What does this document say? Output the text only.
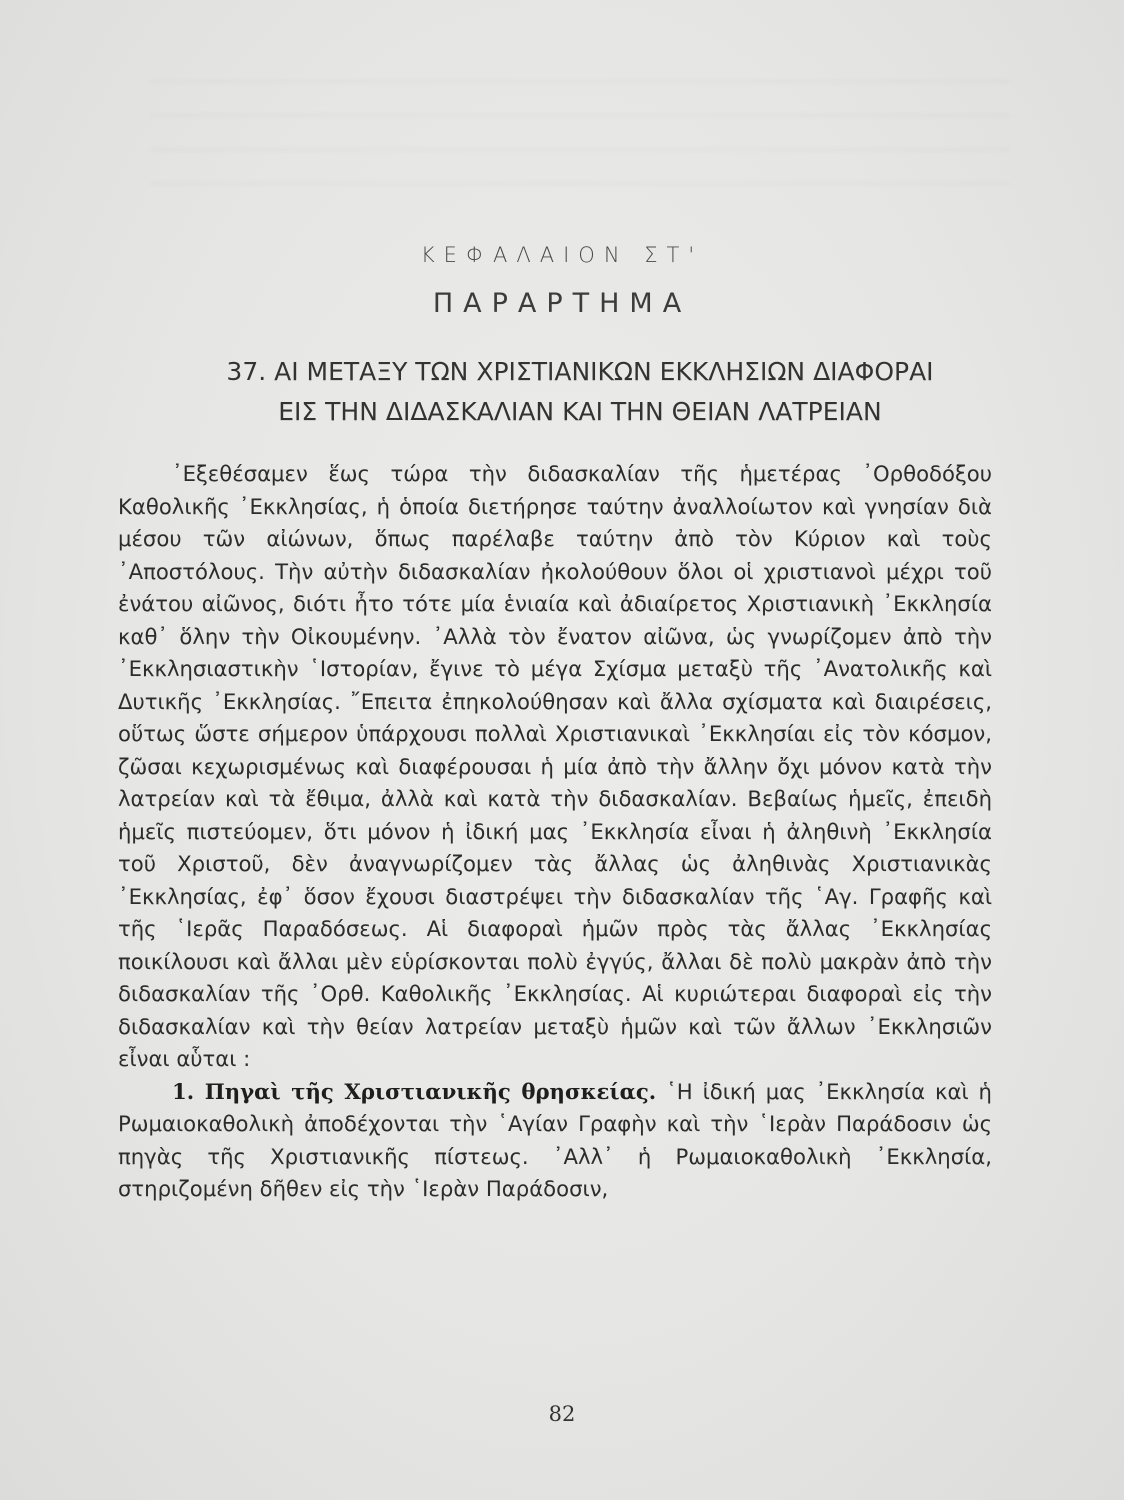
ΚΕΦΑΛΑΙΟΝ ΣΤ'

ΠΑΡΑΡΤΗΜΑ

37. ΑΙ ΜΕΤΑΞΥ ΤΩΝ ΧΡΙΣΤΙΑΝΙΚΩΝ ΕΚΚΛΗΣΙΩΝ ΔΙΑΦΟΡΑΙ
ΕΙΣ ΤΗΝ ΔΙΔΑΣΚΑΛΙΑΝ ΚΑΙ ΤΗΝ ΘΕΙΑΝ ΛΑΤΡΕΙΑΝ

᾿Εξεθέσαμεν ἕως τώρα τὴν διδασκαλίαν τῆς ἡμετέρας ᾿Ορθοδόξου Καθολικῆς ᾿Εκκλησίας, ἡ ὁποία διετήρησε ταύτην ἀναλλοίωτον καὶ γνησίαν διὰ μέσου τῶν αἰώνων, ὅπως παρέλαβε ταύτην ἀπὸ τὸν Κύριον καὶ τοὺς ᾿Αποστόλους. Τὴν αὐτὴν διδασκαλίαν ἠκολούθουν ὅλοι οἱ χριστιανοὶ μέχρι τοῦ ἐνάτου αἰῶνος, διότι ἦτο τότε μία ἑνιαία καὶ ἀδιαίρετος Χριστιανικὴ ᾿Εκκλησία καθ᾿ ὅλην τὴν Οἰκουμένην. ᾿Αλλὰ τὸν ἔνατον αἰῶνα, ὡς γνωρίζομεν ἀπὸ τὴν ᾿Εκκλησιαστικὴν ῾Ιστορίαν, ἔγινε τὸ μέγα Σχίσμα μεταξὺ τῆς ᾿Ανατολικῆς καὶ Δυτικῆς ᾿Εκκλησίας. ῎Επειτα ἐπηκολούθησαν καὶ ἄλλα σχίσματα καὶ διαιρέσεις, οὕτως ὥστε σήμερον ὑπάρχουσι πολλαὶ Χριστιανικαὶ ᾿Εκκλησίαι εἰς τὸν κόσμον, ζῶσαι κεχωρισμένως καὶ διαφέρουσαι ἡ μία ἀπὸ τὴν ἄλλην ὄχι μόνον κατὰ τὴν λατρείαν καὶ τὰ ἔθιμα, ἀλλὰ καὶ κατὰ τὴν διδασκαλίαν. Βεβαίως ἡμεῖς, ἐπειδὴ ἡμεῖς πιστεύομεν, ὅτι μόνον ἡ ἰδική μας ᾿Εκκλησία εἶναι ἡ ἀληθινὴ ᾿Εκκλησία τοῦ Χριστοῦ, δὲν ἀναγνωρίζομεν τὰς ἄλλας ὡς ἀληθινὰς Χριστιανικὰς ᾿Εκκλησίας, ἐφ᾿ ὅσον ἔχουσι διαστρέψει τὴν διδασκαλίαν τῆς ῾Αγ. Γραφῆς καὶ τῆς ῾Ιερᾶς Παραδόσεως. Αἱ διαφοραὶ ἡμῶν πρὸς τὰς ἄλλας ᾿Εκκλησίας ποικίλουσι καὶ ἄλλαι μὲν εὑρίσκονται πολὺ ἐγγύς, ἄλλαι δὲ πολὺ μακρὰν ἀπὸ τὴν διδασκαλίαν τῆς ᾿Ορθ. Καθολικῆς ᾿Εκκλησίας. Αἱ κυριώτεραι διαφοραὶ εἰς τὴν διδασκαλίαν καὶ τὴν θείαν λατρείαν μεταξὺ ἡμῶν καὶ τῶν ἄλλων ᾿Εκκλησιῶν εἶναι αὗται :

1. Πηγαὶ τῆς Χριστιανικῆς θρησκείας. ῾Η ἰδική μας ᾿Εκκλησία καὶ ἡ Ρωμαιοκαθολικὴ ἀποδέχονται τὴν ῾Αγίαν Γραφὴν καὶ τὴν ῾Ιερὰν Παράδοσιν ὡς πηγὰς τῆς Χριστιανικῆς πίστεως. ᾿Αλλ᾿ ἡ Ρωμαιοκαθολικὴ ᾿Εκκλησία, στηριζομένη δῆθεν εἰς τὴν ῾Ιερὰν Παράδοσιν,

82
